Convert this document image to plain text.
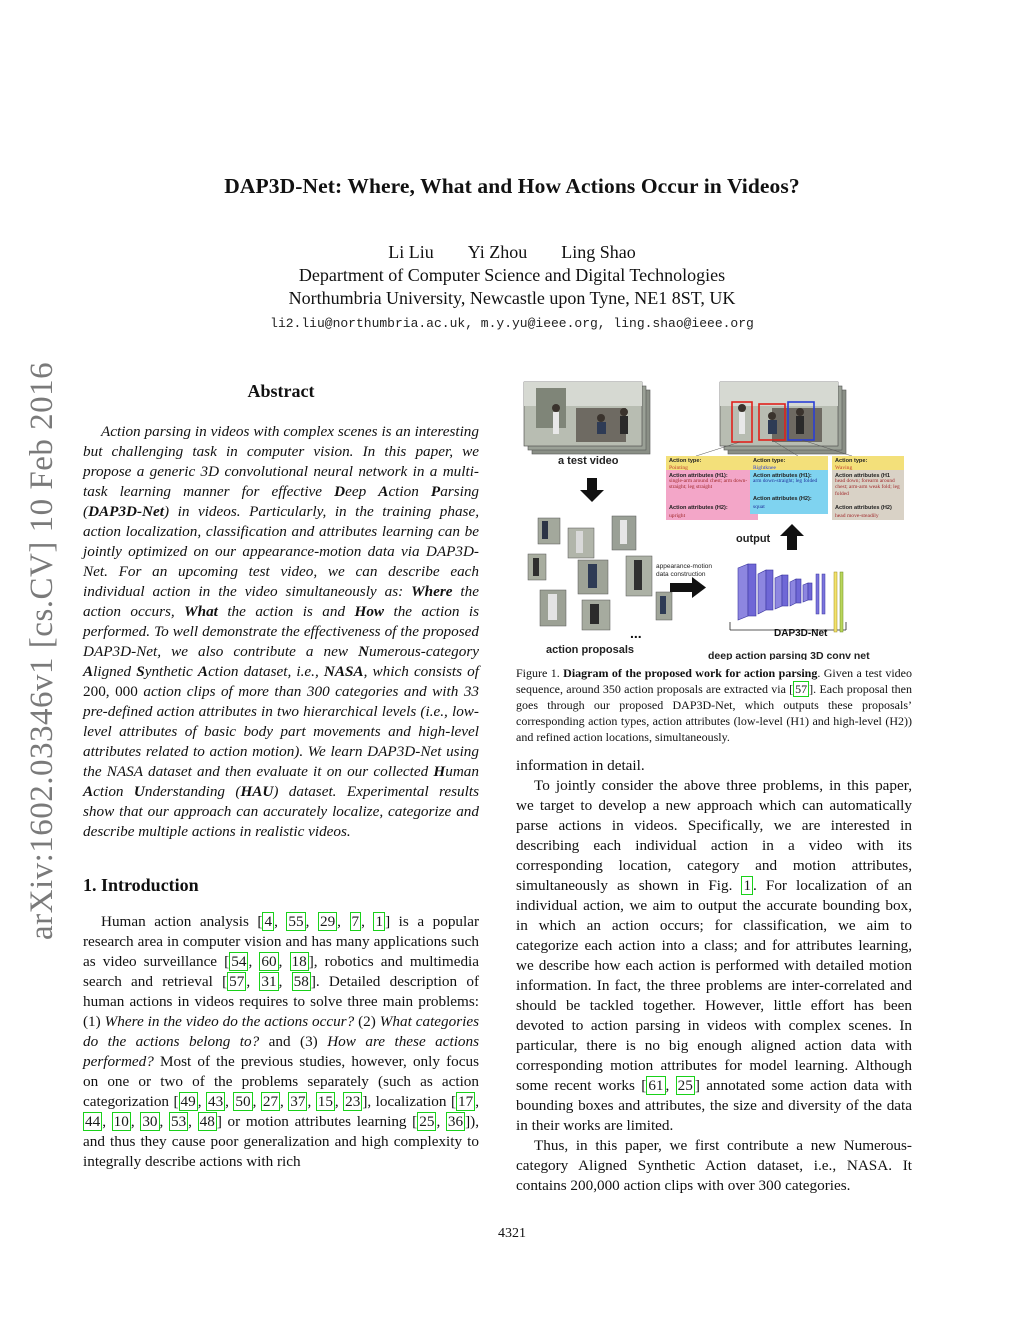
arXiv:1602.03346v1 [cs.CV] 10 Feb 2016
DAP3D-Net: Where, What and How Actions Occur in Videos?
Li Liu Yi Zhou Ling Shao
Department of Computer Science and Digital Technologies
Northumbria University, Newcastle upon Tyne, NE1 8ST, UK
li2.liu@northumbria.ac.uk, m.y.yu@ieee.org, ling.shao@ieee.org
Abstract

Action parsing in videos with complex scenes is an interesting but challenging task in computer vision. In this paper, we propose a generic 3D convolutional neural network in a multi-task learning manner for effective Deep Action Parsing (DAP3D-Net) in videos. Particularly, in the training phase, action localization, classification and attributes learning can be jointly optimized on our appearance-motion data via DAP3D-Net. For an upcoming test video, we can describe each individual action in the video simultaneously as: Where the action occurs, What the action is and How the action is performed. To well demonstrate the effectiveness of the proposed DAP3D-Net, we also contribute a new Numerous-category Aligned Synthetic Action dataset, i.e., NASA, which consists of 200, 000 action clips of more than 300 categories and with 33 pre-defined action attributes in two hierarchical levels (i.e., low-level attributes of basic body part movements and high-level attributes related to action motion). We learn DAP3D-Net using the NASA dataset and then evaluate it on our collected Human Action Understanding (HAU) dataset. Experimental results show that our approach can accurately localize, categorize and describe multiple actions in realistic videos.

1. Introduction

Human action analysis [ 4 , 55 , 29 , 7 , 1 ] is a popular research area in computer vision and has many applications such as video surveillance [ 54 , 60 , 18 ], robotics and multimedia search and retrieval [ 57 , 31 , 58 ]. Detailed description of human actions in videos requires to solve three main problems: (1) Where in the video do the actions occur? (2) What categories do the actions belong to? and (3) How are these actions performed? Most of the previous studies, however, only focus on one or two of the problems separately (such as action categorization [ 49 , 43 , 50 , 27 , 37 , 15 , 23 ], localization [ 17 , 44 , 10 , 30 , 53 , 48 ] or motion attributes learning [ 25 , 36 ]), and thus they cause poor generalization and high complexity to integrally describe actions with rich

a test video
...
action proposals
appearance-motion
data construction
DAP3D-Net
deep action parsing 3D conv net
output
Action type:
Pointing
Action attributes (H1):
single-arm around chest; arm down-straight; leg straight
Action attributes (H2):
upright
Action type:
Rightknee
Action attributes (H1):
arm down-straight; leg folded
Action attributes (H2):
squat
Action type:
Waving
Action attributes (H1
head down; forearm around chest; arm-arm weak fold; leg folded
Action attributes (H2)
head move-steadily
Figure 1. Diagram of the proposed work for action parsing. Given a test video sequence, around 350 action proposals are extracted via [ 57 ]. Each proposal then goes through our proposed DAP3D-Net, which outputs these proposals’ corresponding action types, action attributes (low-level (H1) and high-level (H2)) and refined action locations, simultaneously.

information in detail.

To jointly consider the above three problems, in this paper, we target to develop a new approach which can automatically parse actions in videos. Specifically, we are interested in describing each individual action in a video with its corresponding location, category and motion attributes, simultaneously as shown in Fig. 1 . For localization of an individual action, we aim to output the accurate bounding box, in which an action occurs; for classification, we aim to categorize each action into a class; and for attributes learning, we describe how each action is performed with detailed motion information. In fact, the three problems are inter-correlated and should be tackled together. However, little effort has been devoted to action parsing in videos with complex scenes. In particular, there is no big enough aligned action data with corresponding motion attributes for model learning. Although some recent works [ 61 , 25 ] annotated some action data with bounding boxes and attributes, the size and diversity of the data in their works are limited.

Thus, in this paper, we first contribute a new Numerous-category Aligned Synthetic Action dataset, i.e., NASA. It contains 200,000 action clips with over 300 categories.

4321
